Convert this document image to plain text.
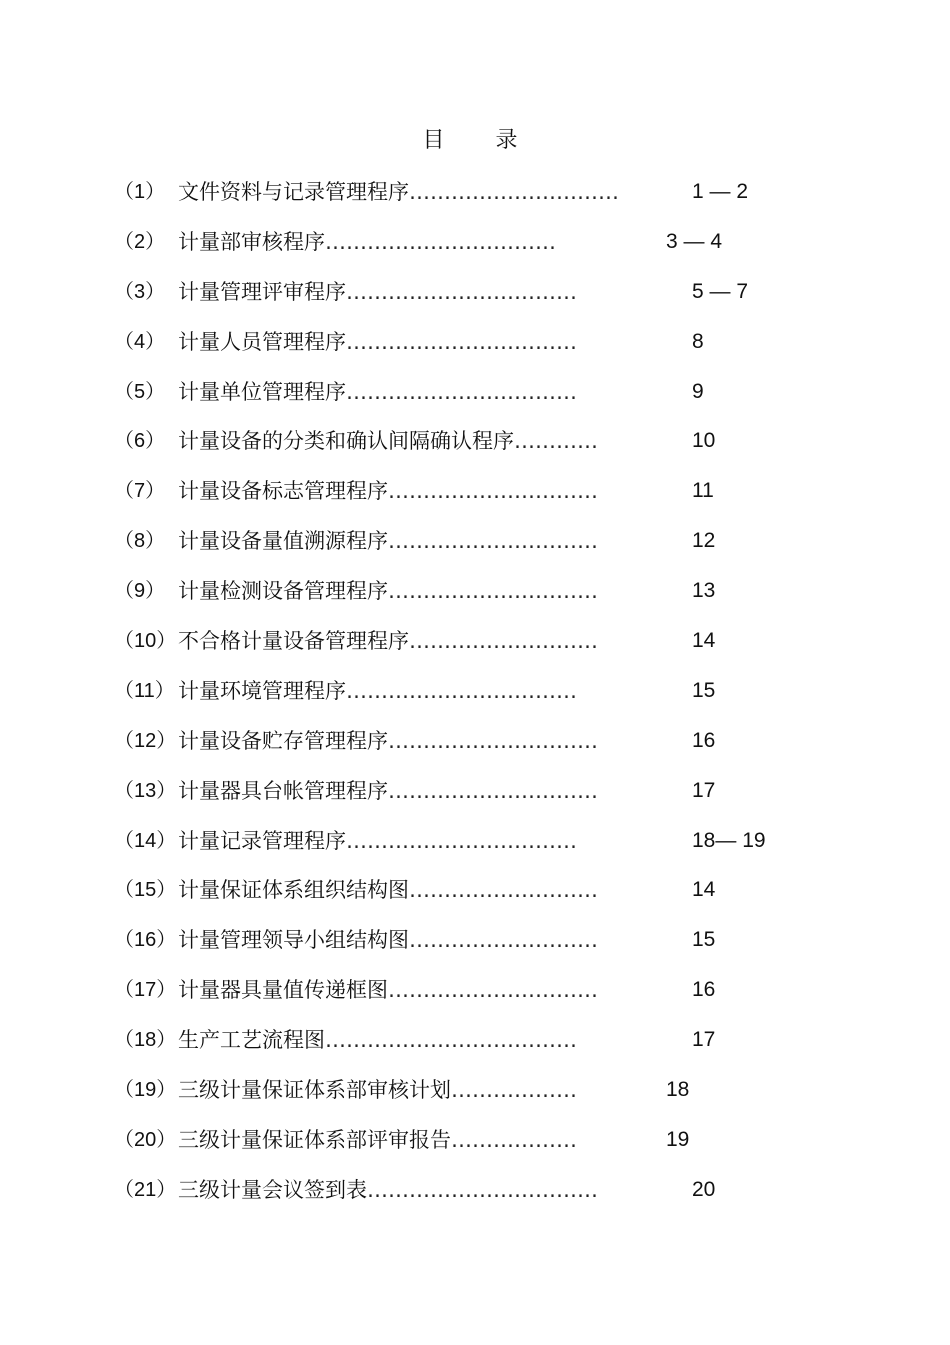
目 录
（1） 文件资料与记录管理程序…………………………	1 — 2
（2） 计量部审核程序……………………………	3 — 4
（3） 计量管理评审程序……………………………	5 — 7
（4） 计量人员管理程序……………………………	8
（5） 计量单位管理程序……………………………	9
（6） 计量设备的分类和确认间隔确认程序…………	10
（7） 计量设备标志管理程序…………………………	11
（8） 计量设备量值溯源程序…………………………	12
（9） 计量检测设备管理程序…………………………	13
（10） 不合格计量设备管理程序………………………	14
（11） 计量环境管理程序……………………………	15
（12） 计量设备贮存管理程序…………………………	16
（13） 计量器具台帐管理程序…………………………	17
（14） 计量记录管理程序……………………………	18— 19
（15） 计量保证体系组织结构图………………………	14
（16） 计量管理领导小组结构图………………………	15
（17） 计量器具量值传递框图…………………………	16
（18） 生产工艺流程图………………………………	17
（19） 三级计量保证体系部审核计划………………	18
（20） 三级计量保证体系部评审报告………………	19
（21） 三级计量会议签到表……………………………	20
